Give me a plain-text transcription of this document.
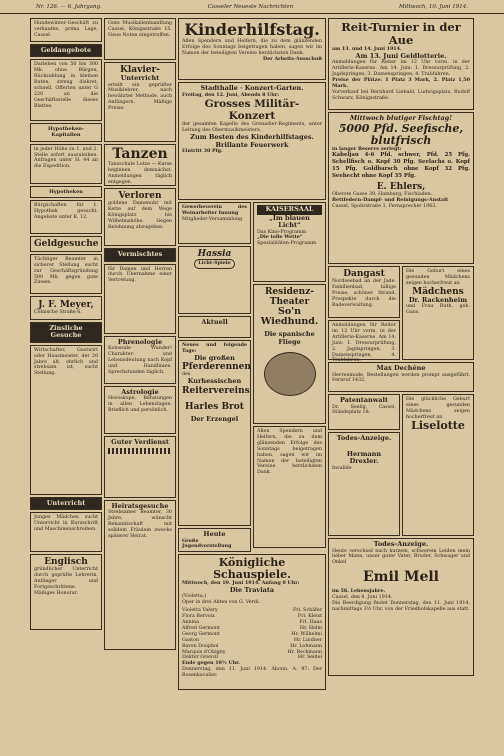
Nr. 126. — 6. Jahrgang.	Casseler Neueste Nachrichten	Mittwoch, 10. Juni 1914.
Hundewinter-Geschäft zu verkaufen, prima Lage, Cassel.
Geldangebote
Darlehen von 50 bis 300 Mk. ohne Bürgen, Rückzahlung in kleinen Raten, streng diskret, schnell. Offerten unter G 220 an die Geschäftsstelle dieses Blattes.
Hypotheken-Kapitalien
in jeder Höhe zu 1. und 2. Stelle sofort auszuleihen. Anfragen unter H. 44 an die Expedition.
Hypotheken
Bürgschaften für 1. Hypothek gesucht. Angebote unter K. 12.
Geldgesuche
Tüchtiger Beamter in sicherer Stellung sucht zur Geschäftsgründung 500 Mk. gegen gute Zinsen.
J. F. Meyer,
Cölnische Straße 6.
Zinsliche Gesuche
Wirtschafter, Gastwirt oder Hausmeister, der 20 Jahre alt, ehrlich und strebsam ist, sucht Stellung.
Unterricht
Junges Mädchen sucht Unterricht in Kurzschrift und Maschinenschreiben.
Englisch
gründlicher Unterricht durch geprüfte Lehrerin, Anfänger und Fortgeschrittene. Mäßiges Honorar.
Gute Musikalienhandlung Cassel, Königsstraße 15. Neue Noten eingetroffen.
Klavier-
Unterricht
erteilt ein geprüfter Musiklehrer, nach bewährter Methode, auch Anfängern. Mäßige Preise.
Tanzen
Tanzschule Lotze — Kurse beginnen demnächst. Anmeldungen täglich entgegen.
Verloren
goldene Damenuhr mit Kette auf dem Wege Königsplatz bis Wilhelmshöhe. Gegen Belohnung abzugeben.
Vermischtes
für Damen und Herren durch Übernahme einer Vertretung.
Phrenologie
Kolossale Wunder! Charakter- und Lebensdeutung nach Kopf und Handlinien. Sprechstunden täglich.
Astrologie
Horoskope, Beratungen in allen Lebenslagen. Brieflich und persönlich.
Guter Verdienst
Heiratsgesuche
Strebsamer Beamter, 30 Jahre, wünscht Bekanntschaft mit solidem Fräulein zwecks späterer Heirat.
Kinderhilfstag.
Allen Spendern und Helfern, die zu dem glänzenden Erfolge des Sonntags beigetragen haben, sagen wir im Namen der beteiligten Vereine herzlichsten Dank.
Der Arbeits-Ausschuß
Stadthalle · Konzert-Garten.
Freitag, den 12. Juni, Abends 8 Uhr:
Grosses Militär-Konzert
der gesamten Kapelle des Grenadier-Regiments, unter Leitung des Obermusikmeisters.
Zum Besten des Kinderhilfstages.
Brillante Feuerwerk
Eintritt 30 Pfg.
Gewerbeverein des Weinarbeiter Innung
Mitglieder-Versammlung
Hassia
Licht-Spiele
Aktuell
Neues und folgende Tage:
Die großen
Pferderennen
des
Kurhessischen
Reitervereins
Harles Brot
Der Erzengel
Heute
Große Jugendvorstellung
KAISERSAAL
„Im blauen Licht“
Das Kino-Programm
„Die tolle Wette“
Spezialitäten-Programm
Residenz-Theater
So'n Wiedhund.
Die spanische Fliege
Allen Spendern und Helfern, die zu dem glänzenden Erfolge des Sonntags beigetragen haben, sagen wir im Namen der beteiligten Vereine herzlichsten Dank.
Königliche Schauspiele.
Mittwoch, den 10. Juni 1914. Anfang 8 Uhr:
Die Traviata
(Violetta.)
Oper in drei Akten von G. Verdi.
Violetta Valery	Frl. Schäfer
Flora Bervoix	Frl. Kleist
Annina	Frl. Haas
Alfred Germont	Hr. Helm
Georg Germont	Hr. Wilhelmi
Gaston	Hr. Lindner
Baron Douphol	Hr. Lohmann
Marquis d'Obigny	Hr. Beckmann
Doktor Grenvil	Hr. Seidel
Ende gegen 10½ Uhr.
Donnerstag, den 11. Juni 1914. Abonn. A. 97: Der Rosenkavalier.
Reit-Turnier in der Aue
am 13. und 14. Juni 1914.
Am 13. Juni Geldlotterie.
Anmeldungen für Reiter im 12 Uhr vorm. in der Artillerie-Kaserne. Am 14. Juni: 1. Dressurprüfung, 2. Jagdspringen, 3. Damenspringen, 4. Trabfahren.
Preise der Plätze: 1 Platz 3 Mark, 2. Platz 1,50 Mark.
Vorverkauf bei Bernhard Liebald, Ludwigsplatz, Rudolf Schwarz, Königsstraße.
Mittwoch blutiger Fischtag!
5000 Pfd. Seefische, blutfrisch
in langer Reserve zerlegt:
Kabeljau 4-6 Pfd. schwer, Pfd. 25 Pfg. Schellfisch o. Kopf 30 Pfg. Seelachs o. Kopf 15 Pfg. Goldbarsch ohne Kopf 32 Pfg. Seehecht ohne Kopf 35 Pfg.
E. Ehlers,
Oberste Gasse 39, Hamburg, Fischladen.
Bettfedern-Dampf- und Reinigungs-Anstalt
Cassel, Spohrstraße 1, Fernsprecher 1963.
Dangast
Nordseebad an der Jade. Familienbad, billige Preise, schöner Strand. Prospekte durch die Badeverwaltung.
Anmeldungen für Reiter im 12 Uhr vorm. in der Artillerie-Kaserne. Am 14. Juni: 1. Dressurprüfung, 2. Jagdspringen, 3. Damenspringen, 4. Trabfahren.
Die Geburt eines gesunden Mädchens zeigen hocherfreut an
Mädchens
Dr. Rackenheim
und Frau Ruth, geb. Gans.
Max Dechêne
Herrenmode, Bestellungen werden prompt ausgeführt. Fernruf 1432.
Patentanwalt
Dr. Seelig, Cassel, Ständeplatz 18.
Todes-Anzeige.
Hermann Drexler.
Invalide
Die glückliche Geburt eines gesunden Mädchens zeigen hocherfreut an
Liselotte
Todes-Anzeige.
Heute verschied nach kurzem, schwerem Leiden mein lieber Mann, unser guter Vater, Bruder, Schwager und Onkel
Emil Mell
im 56. Lebensjahre.
Cassel, den 8. Juni 1914.
Die Beerdigung findet Donnerstag, den 11. Juni 1914, nachmittags 3½ Uhr, von der Friedhofskapelle aus statt.
